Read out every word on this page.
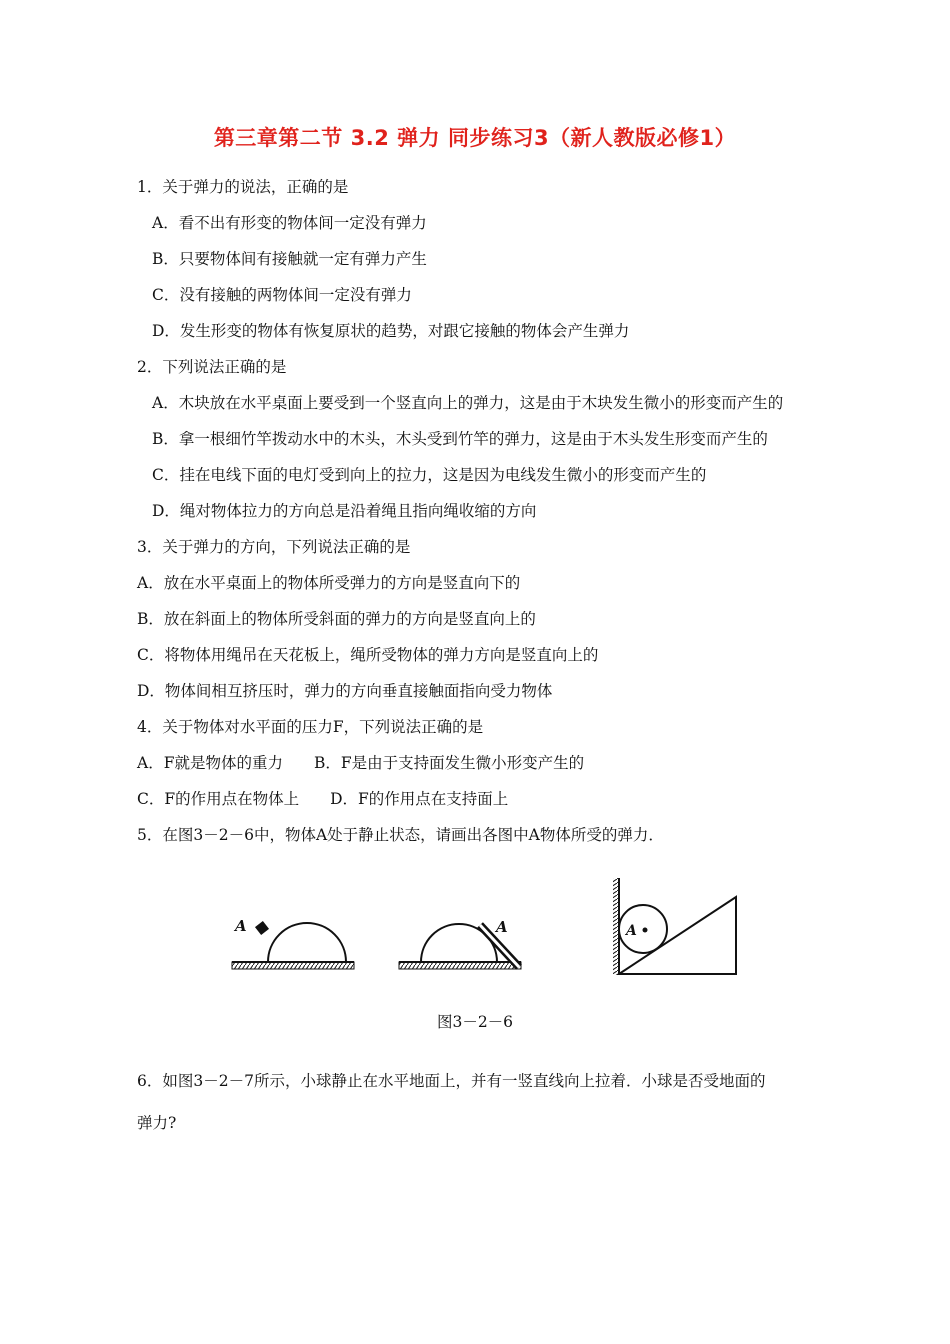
第三章第二节 3.2 弹力 同步练习3（新人教版必修1）
1．关于弹力的说法，正确的是
A．看不出有形变的物体间一定没有弹力
B．只要物体间有接触就一定有弹力产生
C．没有接触的两物体间一定没有弹力
D．发生形变的物体有恢复原状的趋势，对跟它接触的物体会产生弹力
2．下列说法正确的是
A．木块放在水平桌面上要受到一个竖直向上的弹力，这是由于木块发生微小的形变而产生的
B．拿一根细竹竿拨动水中的木头，木头受到竹竿的弹力，这是由于木头发生形变而产生的
C．挂在电线下面的电灯受到向上的拉力，这是因为电线发生微小的形变而产生的
D．绳对物体拉力的方向总是沿着绳且指向绳收缩的方向
3．关于弹力的方向，下列说法正确的是
A．放在水平桌面上的物体所受弹力的方向是竖直向下的
B．放在斜面上的物体所受斜面的弹力的方向是竖直向上的
C．将物体用绳吊在天花板上，绳所受物体的弹力方向是竖直向上的
D．物体间相互挤压时，弹力的方向垂直接触面指向受力物体
4．关于物体对水平面的压力F，下列说法正确的是
A．F就是物体的重力　　B．F是由于支持面发生微小形变产生的
C．F的作用点在物体上　　D．F的作用点在支持面上
5．在图3－2－6中，物体A处于静止状态，请画出各图中A物体所受的弹力．
A	A	A
图3－2－6
6．如图3－2－7所示，小球静止在水平地面上，并有一竖直线向上拉着．小球是否受地面的
弹力?
